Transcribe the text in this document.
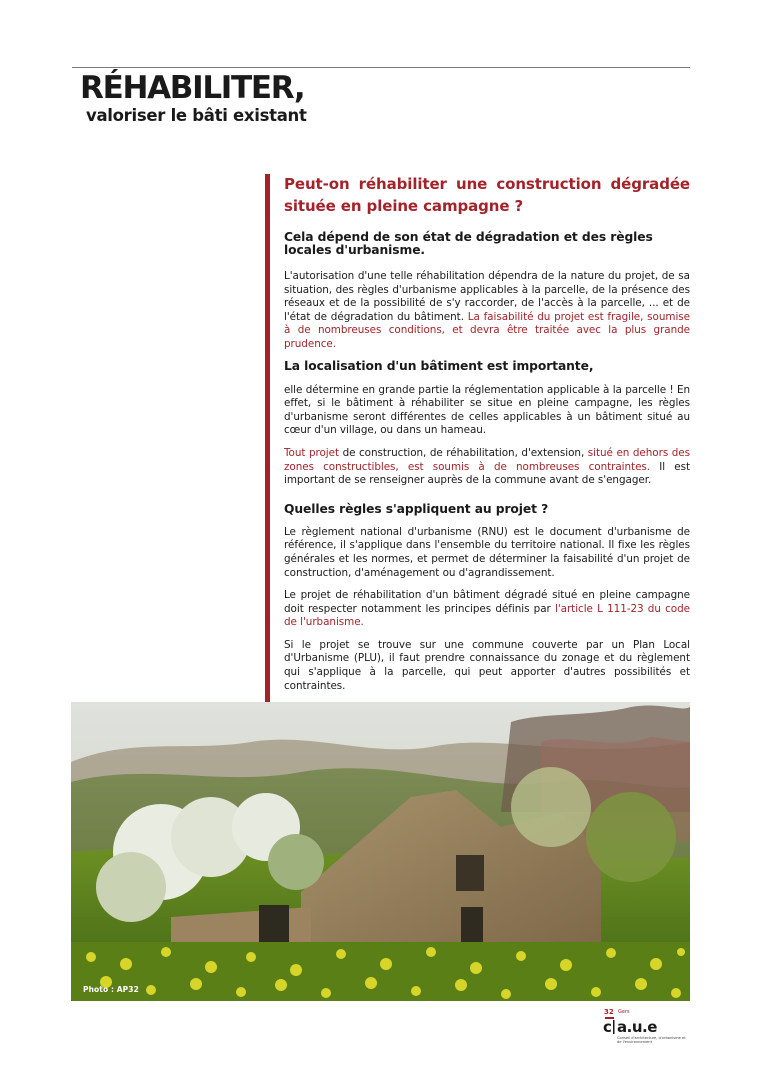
RÉHABILITER,
valoriser le bâti existant
Peut-on réhabiliter une construction dégradée située en pleine campagne ?
Cela dépend de son état de dégradation et des règles locales d'urbanisme.

L'autorisation d'une telle réhabilitation dépendra de la nature du projet, de sa situation, des règles d'urbanisme applicables à la parcelle, de la présence des réseaux et de la possibilité de s'y raccorder, de l'accès à la parcelle, ... et de l'état de dégradation du bâtiment. La faisabilité du projet est fragile, soumise à de nombreuses conditions, et devra être traitée avec la plus grande prudence.

La localisation d'un bâtiment est importante,

elle détermine en grande partie la réglementation applicable à la parcelle ! En effet, si le bâtiment à réhabiliter se situe en pleine campagne, les règles d'urbanisme seront différentes de celles applicables à un bâtiment situé au cœur d'un village, ou dans un hameau.

Tout projet de construction, de réhabilitation, d'extension, situé en dehors des zones constructibles, est soumis à de nombreuses contraintes. Il est important de se renseigner auprès de la commune avant de s'engager.

Quelles règles s'appliquent au projet ?

Le règlement national d'urbanisme (RNU) est le document d'urbanisme de référence, il s'applique dans l'ensemble du territoire national. Il fixe les règles générales et les normes, et permet de déterminer la faisabilité d'un projet de construction, d'aménagement ou d'agrandissement.

Le projet de réhabilitation d'un bâtiment dégradé situé en pleine campagne doit respecter notamment les principes définis par l'article L 111-23 du code de l'urbanisme.

Si le projet se trouve sur une commune couverte par un Plan Local d'Urbanisme (PLU), il faut prendre connaissance du zonage et du règlement qui s'applique à la parcelle, qui peut apporter d'autres possibilités et contraintes.

Photo : AP32
32 Gers
c a.u.e
Conseil d'architecture, d'urbanisme et de l'environnement
